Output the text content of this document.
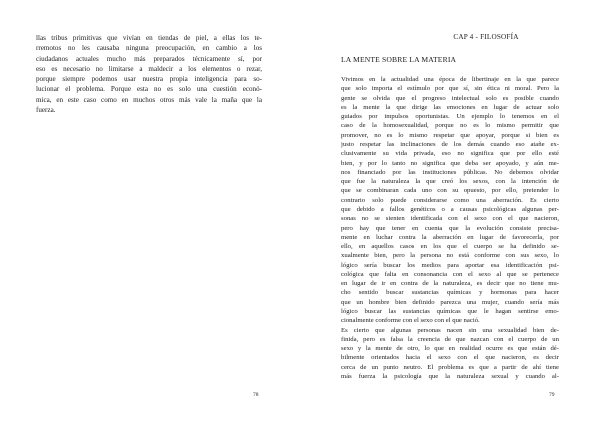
llas tribus primitivas que vivían en tiendas de piel, a ellas los te-
rremotos no les causaba ninguna preocupación, en cambio a los
ciudadanos actuales mucho más preparados técnicamente sí, por
eso es necesario no limitarse a maldecir a los elementos o rezar,
porque siempre podemos usar nuestra propia inteligencia para so-
lucionar el problema. Porque esta no es solo una cuestión econó-
mica, en este caso como en muchos otros más vale la maña que la
fuerza.
78
CAP 4 - FILOSOFÍA
LA MENTE SOBRE LA MATERIA
Vivimos en la actualidad una época de libertinaje en la que parece
que solo importa el estímulo por que sí, sin ética ni moral. Pero la
gente se olvida que el progreso intelectual solo es posible cuando
es la mente la que dirige las emociones en lugar de actuar solo
guiados por impulsos oportunistas. Un ejemplo lo tenemos en el
caso de la homosexualidad, porque no es lo mismo permitir que
promover, no es lo mismo respetar que apoyar, porque si bien es
justo respetar las inclinaciones de los demás cuando eso atañe ex-
clusivamente su vida privada, eso no significa que por ello esté
bien, y por lo tanto no significa que deba ser apoyado, y aún me-
nos financiado por las instituciones públicas. No debemos olvidar
que fue la naturaleza la que creó los sexos, con la intención de
que se combinaran cada uno con su opuesto, por ello, pretender lo
contrario solo puede considerarse como una aberración. Es cierto
que debido a fallos genéticos o a causas psicológicas algunas per-
sonas no se sienten identificada con el sexo con el que nacieron,
pero hay que tener en cuenta que la evolución consiste precisa-
mente en luchar contra la aberración en lugar de favorecerla, por
ello, en aquellos casos en los que el cuerpo se ha definido se-
xualmente bien, pero la persona no está conforme con sus sexo, lo
lógico sería buscar los medios para aportar esa identificación psi-
cológica que falta en consonancia con el sexo al que se pertenece
en lugar de ir en contra de la naturaleza, es decir que no tiene mu-
cho sentido buscar sustancias químicas y hormonas para hacer
que un hombre bien definido parezca una mujer, cuando sería más
lógico buscar las sustancias químicas que le hagan sentirse emo-
cionalmente conforme con el sexo con el que nació.
Es cierto que algunas personas nacen sin una sexualidad bien de-
finida, pero es falsa la creencia de que nazcan con el cuerpo de un
sexo y la mente de otro, lo que en realidad ocurre es que están dé-
bilmente orientados hacia el sexo con el que nacieron, es decir
cerca de un punto neutro. El problema es que a partir de ahí tiene
más fuerza la psicología que la naturaleza sexual y cuando al-
79
